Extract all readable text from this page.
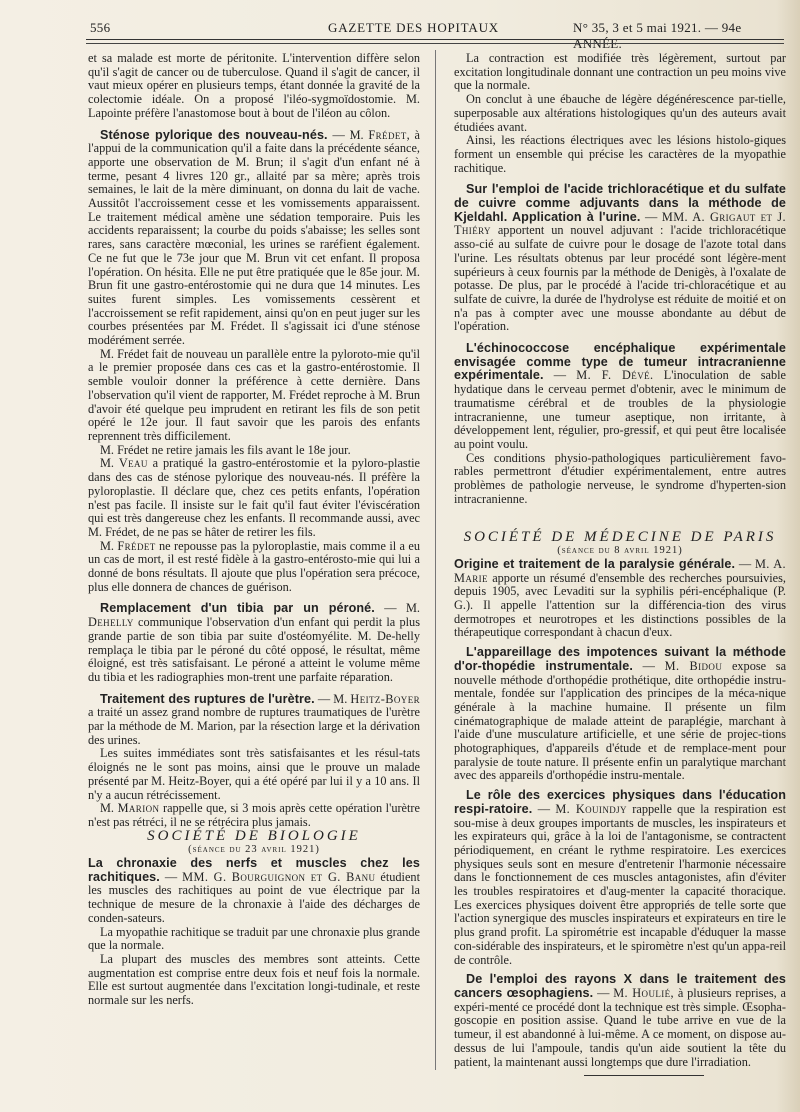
556	GAZETTE DES HOPITAUX	N° 35, 3 et 5 mai 1921. — 94e ANNÉE.

et sa malade est morte de péritonite. L'intervention diffère selon qu'il s'agit de cancer ou de tuberculose. Quand il s'agit de cancer, il vaut mieux opérer en plusieurs temps, étant donnée la gravité de la colectomie idéale. On a proposé l'iléo-sygmoïdostomie. M. Lapointe préfère l'anastomose bout à bout de l'iléon au côlon.

Sténose pylorique des nouveau-nés. — M. Frédet, à l'appui de la communication qu'il a faite dans la précédente séance, apporte une observation de M. Brun; il s'agit d'un enfant né à terme, pesant 4 livres 120 gr., allaité par sa mère; après trois semaines, le lait de la mère diminuant, on donna du lait de vache. Aussitôt l'accroissement cesse et les vomissements apparaissent. Le traitement médical amène une sédation temporaire. Puis les accidents reparaissent; la courbe du poids s'abaisse; les selles sont rares, sans caractère mœconial, les urines se raréfient également. Ce ne fut que le 73e jour que M. Brun vit cet enfant. Il proposa l'opération. On hésita. Elle ne put être pratiquée que le 85e jour. M. Brun fit une gastro-entérostomie qui ne dura que 14 minutes. Les suites furent simples. Les vomissements cessèrent et l'accroissement se refit rapidement, ainsi qu'on en peut juger sur les courbes présentées par M. Frédet. Il s'agissait ici d'une sténose modérément serrée.

M. Frédet fait de nouveau un parallèle entre la pyloroto-mie qu'il a le premier proposée dans ces cas et la gastro-entérostomie. Il semble vouloir donner la préférence à cette dernière. Dans l'observation qu'il vient de rapporter, M. Frédet reproche à M. Brun d'avoir été quelque peu imprudent en retirant les fils de son petit opéré le 12e jour. Il faut savoir que les parois des enfants reprennent très difficilement.

M. Frédet ne retire jamais les fils avant le 18e jour.

M. Veau a pratiqué la gastro-entérostomie et la pyloro-plastie dans des cas de sténose pylorique des nouveau-nés. Il préfère la pyloroplastie. Il déclare que, chez ces petits enfants, l'opération n'est pas facile. Il insiste sur le fait qu'il faut éviter l'éviscération qui est très dangereuse chez les enfants. Il recommande aussi, avec M. Frédet, de ne pas se hâter de retirer les fils.

M. Frédet ne repousse pas la pyloroplastie, mais comme il a eu un cas de mort, il est resté fidèle à la gastro-entérosto-mie qui lui a donné de bons résultats. Il ajoute que plus l'opération sera précoce, plus elle donnera de chances de guérison.

Remplacement d'un tibia par un péroné. — M. Dehelly communique l'observation d'un enfant qui perdit la plus grande partie de son tibia par suite d'ostéomyélite. M. De-helly remplaça le tibia par le péroné du côté opposé, le résultat, même éloigné, est très satisfaisant. Le péroné a atteint le volume même du tibia et les radiographies mon-trent une parfaite réparation.

Traitement des ruptures de l'urètre. — M. Heitz-Boyer a traité un assez grand nombre de ruptures traumatiques de l'urètre par la méthode de M. Marion, par la résection large et la dérivation des urines.

Les suites immédiates sont très satisfaisantes et les résul-tats éloignés ne le sont pas moins, ainsi que le prouve un malade présenté par M. Heitz-Boyer, qui a été opéré par lui il y a 10 ans. Il n'y a aucun rétrécissement.

M. Marion rappelle que, si 3 mois après cette opération l'urètre n'est pas rétréci, il ne se rétrécira plus jamais.

SOCIÉTÉ DE BIOLOGIE

(séance du 23 avril 1921)

La chronaxie des nerfs et muscles chez les rachitiques. — MM. G. Bourguignon et G. Banu étudient les muscles des rachitiques au point de vue électrique par la technique de mesure de la chronaxie à l'aide des décharges de conden-sateurs.

La myopathie rachitique se traduit par une chronaxie plus grande que la normale.

La plupart des muscles des membres sont atteints. Cette augmentation est comprise entre deux fois et neuf fois la normale. Elle est surtout augmentée dans l'excitation longi-tudinale, et reste normale sur les nerfs.

La contraction est modifiée très légèrement, surtout par excitation longitudinale donnant une contraction un peu moins vive que la normale.

On conclut à une ébauche de légère dégénérescence par-tielle, superposable aux altérations histologiques qu'un des auteurs avait étudiées avant.

Ainsi, les réactions électriques avec les lésions histolo-giques forment un ensemble qui précise les caractères de la myopathie rachitique.

Sur l'emploi de l'acide trichloracétique et du sulfate de cuivre comme adjuvants dans la méthode de Kjeldahl. Application à l'urine. — MM. A. Grigaut et J. Thiéry apportent un nouvel adjuvant : l'acide trichloracétique asso-cié au sulfate de cuivre pour le dosage de l'azote total dans l'urine. Les résultats obtenus par leur procédé sont légère-ment supérieurs à ceux fournis par la méthode de Denigès, à l'oxalate de potasse. De plus, par le procédé à l'acide tri-chloracétique et au sulfate de cuivre, la durée de l'hydrolyse est réduite de moitié et on n'a pas à compter avec une mousse abondante au début de l'opération.

L'échinococcose encéphalique expérimentale envisagée comme type de tumeur intracranienne expérimentale. — M. F. Dévé. L'inoculation de sable hydatique dans le cerveau permet d'obtenir, avec le minimum de traumatisme cérébral et de troubles de la physiologie intracranienne, une tumeur aseptique, non irritante, à développement lent, régulier, pro-gressif, et qui peut être localisée au point voulu.

Ces conditions physio-pathologiques particulièrement favo-rables permettront d'étudier expérimentalement, entre autres problèmes de pathologie nerveuse, le syndrome d'hyperten-sion intracranienne.

SOCIÉTÉ DE MÉDECINE DE PARIS

(séance du 8 avril 1921)

Origine et traitement de la paralysie générale. — M. A. Marie apporte un résumé d'ensemble des recherches poursuivies, depuis 1905, avec Levaditi sur la syphilis péri-encéphalique (P. G.). Il appelle l'attention sur la différencia-tion des virus dermotropes et neurotropes et les distinctions possibles de la thérapeutique correspondant à chacun d'eux.

L'appareillage des impotences suivant la méthode d'or-thopédie instrumentale. — M. Bidou expose sa nouvelle méthode d'orthopédie prothétique, dite orthopédie instru-mentale, fondée sur l'application des principes de la méca-nique générale à la machine humaine. Il présente un film cinématographique de malade atteint de paraplégie, marchant à l'aide d'une musculature artificielle, et une série de projec-tions photographiques, d'appareils d'étude et de remplace-ment pour paralysie de toute nature. Il présente enfin un paralytique marchant avec des appareils d'orthopédie instru-mentale.

Le rôle des exercices physiques dans l'éducation respi-ratoire. — M. Kouindjy rappelle que la respiration est sou-mise à deux groupes importants de muscles, les inspirateurs et les expirateurs qui, grâce à la loi de l'antagonisme, se contractent périodiquement, en créant le rythme respiratoire. Les exercices physiques seuls sont en mesure d'entretenir l'harmonie nécessaire dans le fonctionnement de ces muscles antagonistes, afin d'éviter les troubles respiratoires et d'aug-menter la capacité thoracique. Les exercices physiques doivent être appropriés de telle sorte que l'action synergique des muscles inspirateurs et expirateurs en tire le plus grand profit. La spirométrie est incapable d'éduquer la masse con-sidérable des inspirateurs, et le spiromètre n'est qu'un appa-reil de contrôle.

De l'emploi des rayons X dans le traitement des cancers œsophagiens. — M. Houlié, à plusieurs reprises, a expéri-menté ce procédé dont la technique est très simple. Œsopha-goscopie en position assise. Quand le tube arrive en vue de la tumeur, il est abandonné à lui-même. A ce moment, on dispose au-dessus de lui l'ampoule, tandis qu'un aide soutient la tête du patient, la maintenant aussi longtemps que dure l'irradiation.
